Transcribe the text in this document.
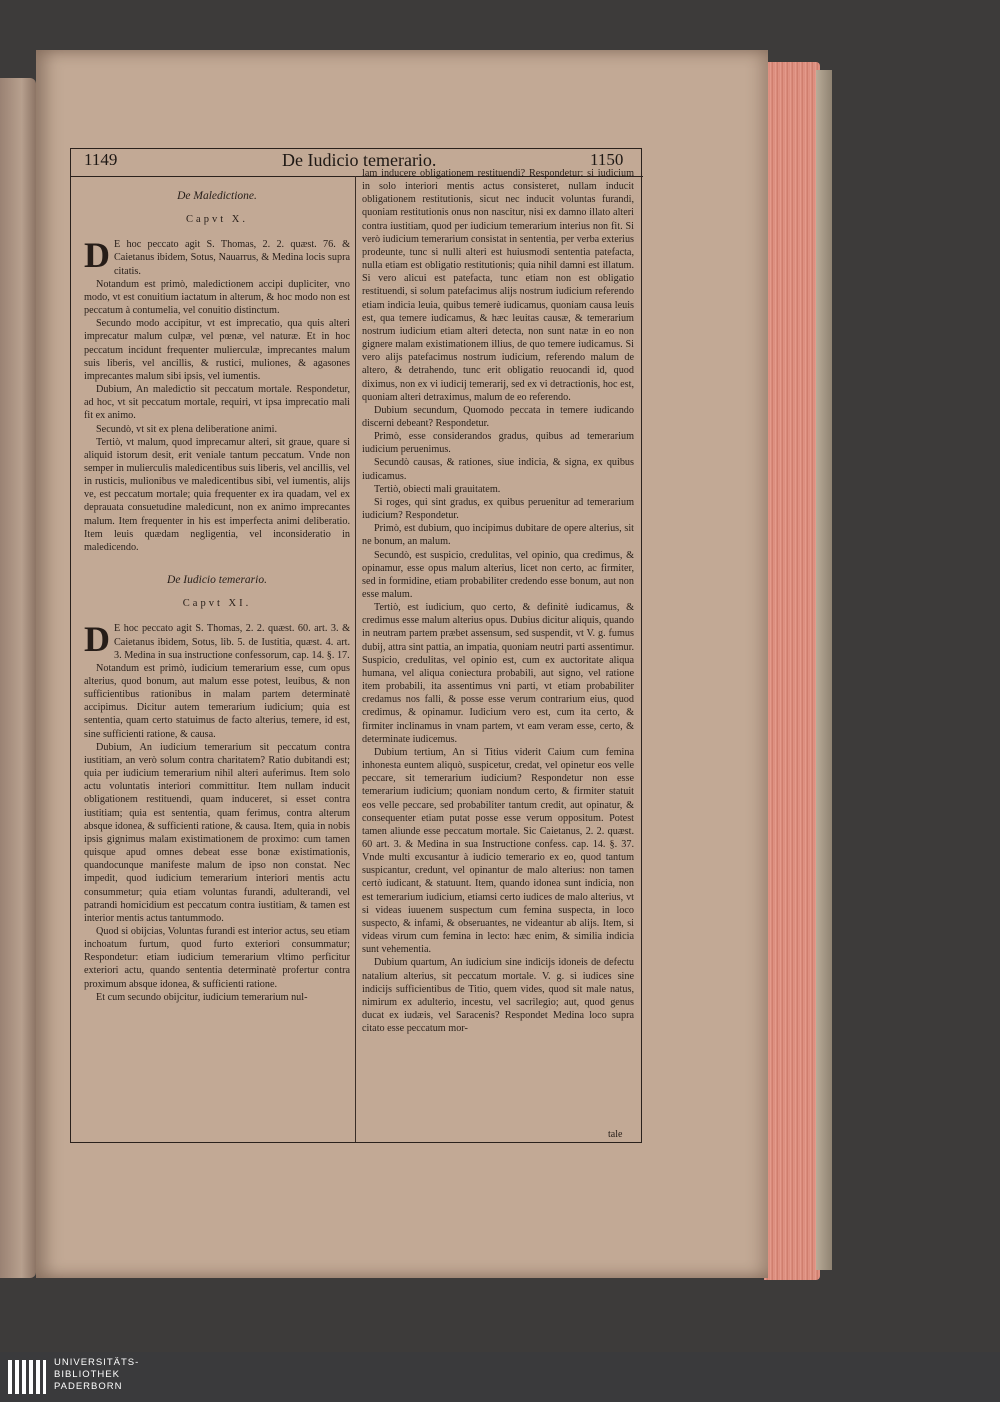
1149	De Iudicio temerario.	1150
De Maledictione.
Capvt X.

D E hoc peccato agit S. Thomas, 2. 2. quæst. 76. & Caietanus ibidem, Sotus, Nauarrus, & Medina locis supra citatis.

Notandum est primò, maledictionem accipi dupliciter, vno modo, vt est conuitium iactatum in alterum, & hoc modo non est peccatum à contumelia, vel conuitio distinctum.

Secundo modo accipitur, vt est imprecatio, qua quis alteri imprecatur malum culpæ, vel pœnæ, vel naturæ. Et in hoc peccatum incidunt frequenter mulierculæ, imprecantes malum suis liberis, vel ancillis, & rustici, muliones, & agasones imprecantes malum sibi ipsis, vel iumentis.

Dubium, An maledictio sit peccatum mortale. Respondetur, ad hoc, vt sit peccatum mortale, requiri, vt ipsa imprecatio mali fit ex animo.

Secundò, vt sit ex plena deliberatione animi.

Tertiò, vt malum, quod imprecamur alteri, sit graue, quare si aliquid istorum desit, erit veniale tantum peccatum. Vnde non semper in mulierculis maledicentibus suis liberis, vel ancillis, vel in rusticis, mulionibus ve maledicentibus sibi, vel iumentis, alijs ve, est peccatum mortale; quia frequenter ex ira quadam, vel ex deprauata consuetudine maledicunt, non ex animo imprecantes malum. Item frequenter in his est imperfecta animi deliberatio. Item leuis quædam negligentia, vel inconsideratio in maledicendo.

De Iudicio temerario.
Capvt XI.

D E hoc peccato agit S. Thomas, 2. 2. quæst. 60. art. 3. & Caietanus ibidem, Sotus, lib. 5. de Iustitia, quæst. 4. art. 3. Medina in sua instructione confessorum, cap. 14. §. 17.

Notandum est primò, iudicium temerarium esse, cum opus alterius, quod bonum, aut malum esse potest, leuibus, & non sufficientibus rationibus in malam partem determinatè accipimus. Dicitur autem temerarium iudicium; quia est sententia, quam certo statuimus de facto alterius, temere, id est, sine sufficienti ratione, & causa.

Dubium, An iudicium temerarium sit peccatum contra iustitiam, an verò solum contra charitatem? Ratio dubitandi est; quia per iudicium temerarium nihil alteri auferimus. Item solo actu voluntatis interiori committitur. Item nullam inducit obligationem restituendi, quam induceret, si esset contra iustitiam; quia est sententia, quam ferimus, contra alterum absque idonea, & sufficienti ratione, & causa. Item, quia in nobis ipsis gignimus malam existimationem de proximo: cum tamen quisque apud omnes debeat esse bonæ existimationis, quandocunque manifeste malum de ipso non constat. Nec impedit, quod iudicium temerarium interiori mentis actu consummetur; quia etiam voluntas furandi, adulterandi, vel patrandi homicidium est peccatum contra iustitiam, & tamen est interior mentis actus tantummodo.

Quod si obijcias, Voluntas furandi est interior actus, seu etiam inchoatum furtum, quod furto exteriori consummatur; Respondetur: etiam iudicium temerarium vltimo perficitur exteriori actu, quando sententia determinatè profertur contra proximum absque idonea, & sufficienti ratione.

Et cum secundo obijcitur, iudicium temerarium nul-

lam inducere obligationem restituendi? Respondetur: si iudicium in solo interiori mentis actus consisteret, nullam inducit obligationem restitutionis, sicut nec inducit voluntas furandi, quoniam restitutionis onus non nascitur, nisi ex damno illato alteri contra iustitiam, quod per iudicium temerarium interius non fit. Si verò iudicium temerarium consistat in sententia, per verba exterius prodeunte, tunc si nulli alteri est huiusmodi sententia patefacta, nulla etiam est obligatio restitutionis; quia nihil damni est illatum. Si vero alicui est patefacta, tunc etiam non est obligatio restituendi, si solum patefacimus alijs nostrum iudicium referendo etiam indicia leuia, quibus temerè iudicamus, quoniam causa leuis est, qua temere iudicamus, & hæc leuitas causæ, & temerarium nostrum iudicium etiam alteri detecta, non sunt natæ in eo non gignere malam existimationem illius, de quo temere iudicamus. Si vero alijs patefacimus nostrum iudicium, referendo malum de altero, & detrahendo, tunc erit obligatio reuocandi id, quod diximus, non ex vi iudicij temerarij, sed ex vi detractionis, hoc est, quoniam alteri detraximus, malum de eo referendo.

Dubium secundum, Quomodo peccata in temere iudicando discerni debeant? Respondetur.

Primò, esse considerandos gradus, quibus ad temerarium iudicium peruenimus.

Secundò causas, & rationes, siue indicia, & signa, ex quibus iudicamus.

Tertiò, obiecti mali grauitatem.

Si roges, qui sint gradus, ex quibus peruenitur ad temerarium iudicium? Respondetur.

Primò, est dubium, quo incipimus dubitare de opere alterius, sit ne bonum, an malum.

Secundò, est suspicio, credulitas, vel opinio, qua credimus, & opinamur, esse opus malum alterius, licet non certo, ac firmiter, sed in formidine, etiam probabiliter credendo esse bonum, aut non esse malum.

Tertiò, est iudicium, quo certo, & definitè iudicamus, & credimus esse malum alterius opus. Dubius dicitur aliquis, quando in neutram partem præbet assensum, sed suspendit, vt V. g. fumus dubij, attra sint pattia, an impatia, quoniam neutri parti assentimur. Suspicio, credulitas, vel opinio est, cum ex auctoritate aliqua humana, vel aliqua coniectura probabili, aut signo, vel ratione item probabili, ita assentimus vni parti, vt etiam probabiliter credamus nos falli, & posse esse verum contrarium eius, quod credimus, & opinamur. Iudicium vero est, cum ita certo, & firmiter inclinamus in vnam partem, vt eam veram esse, certo, & determinate iudicemus.

Dubium tertium, An si Titius viderit Caium cum femina inhonesta euntem aliquò, suspicetur, credat, vel opinetur eos velle peccare, sit temerarium iudicium? Respondetur non esse temerarium iudicium; quoniam nondum certo, & firmiter statuit eos velle peccare, sed probabiliter tantum credit, aut opinatur, & consequenter etiam putat posse esse verum oppositum. Potest tamen aliunde esse peccatum mortale. Sic Caietanus, 2. 2. quæst. 60 art. 3. & Medina in sua Instructione confess. cap. 14. §. 37. Vnde multi excusantur à iudicio temerario ex eo, quod tantum suspicantur, credunt, vel opinantur de malo alterius: non tamen certò iudicant, & statuunt. Item, quando idonea sunt indicia, non est temerarium iudicium, etiamsi certo iudices de malo alterius, vt si videas iuuenem suspectum cum femina suspecta, in loco suspecto, & infami, & obseruantes, ne videantur ab alijs. Item, si videas virum cum femina in lecto: hæc enim, & similia indicia sunt vehementia.

Dubium quartum, An iudicium sine indicijs idoneis de defectu natalium alterius, sit peccatum mortale. V. g. si iudices sine indicijs sufficientibus de Titio, quem vides, quod sit male natus, nimirum ex adulterio, incestu, vel sacrilegio; aut, quod genus ducat ex iudæis, vel Saracenis? Respondet Medina loco supra citato esse peccatum mor-

tale
UNIVERSITÄTS-
BIBLIOTHEK
PADERBORN
